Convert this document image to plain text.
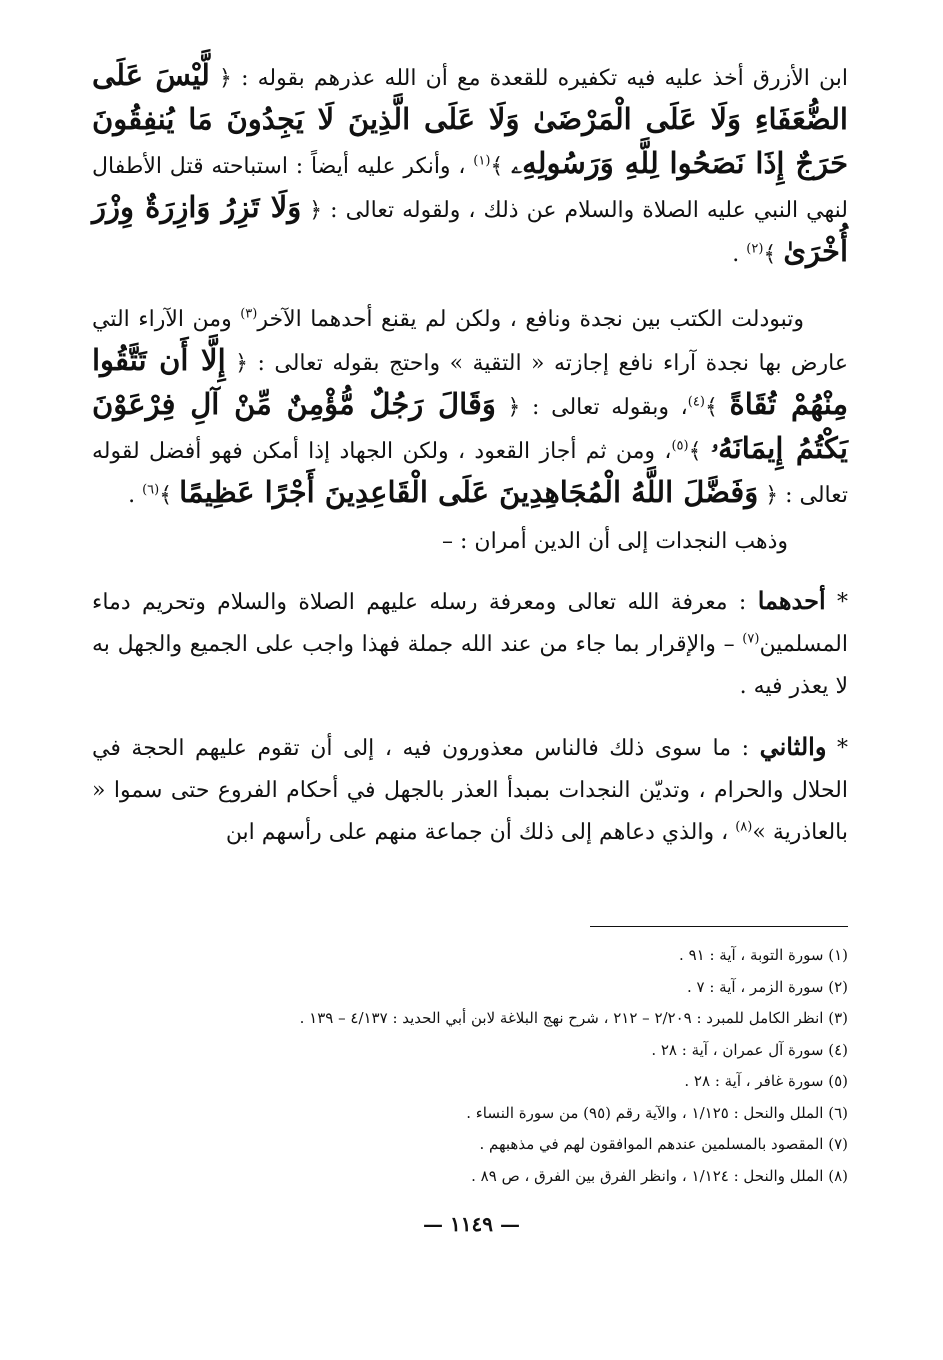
ابن الأزرق أخذ عليه فيه تكفيره للقعدة مع أن الله عذرهم بقوله : ﴿ لَّيْسَ عَلَى الضُّعَفَاءِ وَلَا عَلَى الْمَرْضَىٰ وَلَا عَلَى الَّذِينَ لَا يَجِدُونَ مَا يُنفِقُونَ حَرَجٌ إِذَا نَصَحُوا لِلَّهِ وَرَسُولِهِۦ ﴾$^{(١)}$ ، وأنكر عليه أيضاً : استباحته قتل الأطفال لنهي النبي عليه الصلاة والسلام عن ذلك ، ولقوله تعالى : ﴿ وَلَا تَزِرُ وَازِرَةٌ وِزْرَ أُخْرَىٰ ﴾$^{(٢)}$ .

  وتبودلت الكتب بين نجدة ونافع ، ولكن لم يقنع أحدهما الآخر$^{(٣)}$ ومن الآراء التي عارض بها نجدة آراء نافع إجازته « التقية » واحتج بقوله تعالى : ﴿ إِلَّا أَن تَتَّقُوا مِنْهُمْ تُقَاةً ﴾$^{(٤)}$، وبقوله تعالى : ﴿ وَقَالَ رَجُلٌ مُّؤْمِنٌ مِّنْ آلِ فِرْعَوْنَ يَكْتُمُ إِيمَانَهُۥ ﴾$^{(٥)}$، ومن ثم أجاز القعود ، ولكن الجهاد إذا أمكن فهو أفضل لقوله تعالى : ﴿ وَفَضَّلَ اللَّهُ الْمُجَاهِدِينَ عَلَى الْقَاعِدِينَ أَجْرًا عَظِيمًا ﴾$^{(٦)}$ .

وذهب النجدات إلى أن الدين أمران : –

* أحدهما : معرفة الله تعالى ومعرفة رسله عليهم الصلاة والسلام وتحريم دماء المسلمين$^{(٧)}$ – والإقرار بما جاء من عند الله جملة فهذا واجب على الجميع والجهل به لا يعذر فيه .

* والثاني : ما سوى ذلك فالناس معذورون فيه ، إلى أن تقوم عليهم الحجة في الحلال والحرام ، وتديّن النجدات بمبدأ العذر بالجهل في أحكام الفروع حتى سموا « بالعاذرية »$^{(٨)}$ ، والذي دعاهم إلى ذلك أن جماعة منهم على رأسهم ابن

(١) سورة التوبة ، آية : ٩١ .

(٢) سورة الزمر ، آية : ٧ .

(٣) انظر الكامل للمبرد : ٢/٢٠٩ – ٢١٢ ، شرح نهج البلاغة لابن أبي الحديد : ٤/١٣٧ – ١٣٩ .

(٤) سورة آل عمران ، آية : ٢٨ .

(٥) سورة غافر ، آية : ٢٨ .

(٦) الملل والنحل : ١/١٢٥ ، والآية رقم (٩٥) من سورة النساء .

(٧) المقصود بالمسلمين عندهم الموافقون لهم في مذهبهم .

(٨) الملل والنحل : ١/١٢٤ ، وانظر الفرق بين الفرق ، ص ٨٩ .

— ١١٤٩ —
